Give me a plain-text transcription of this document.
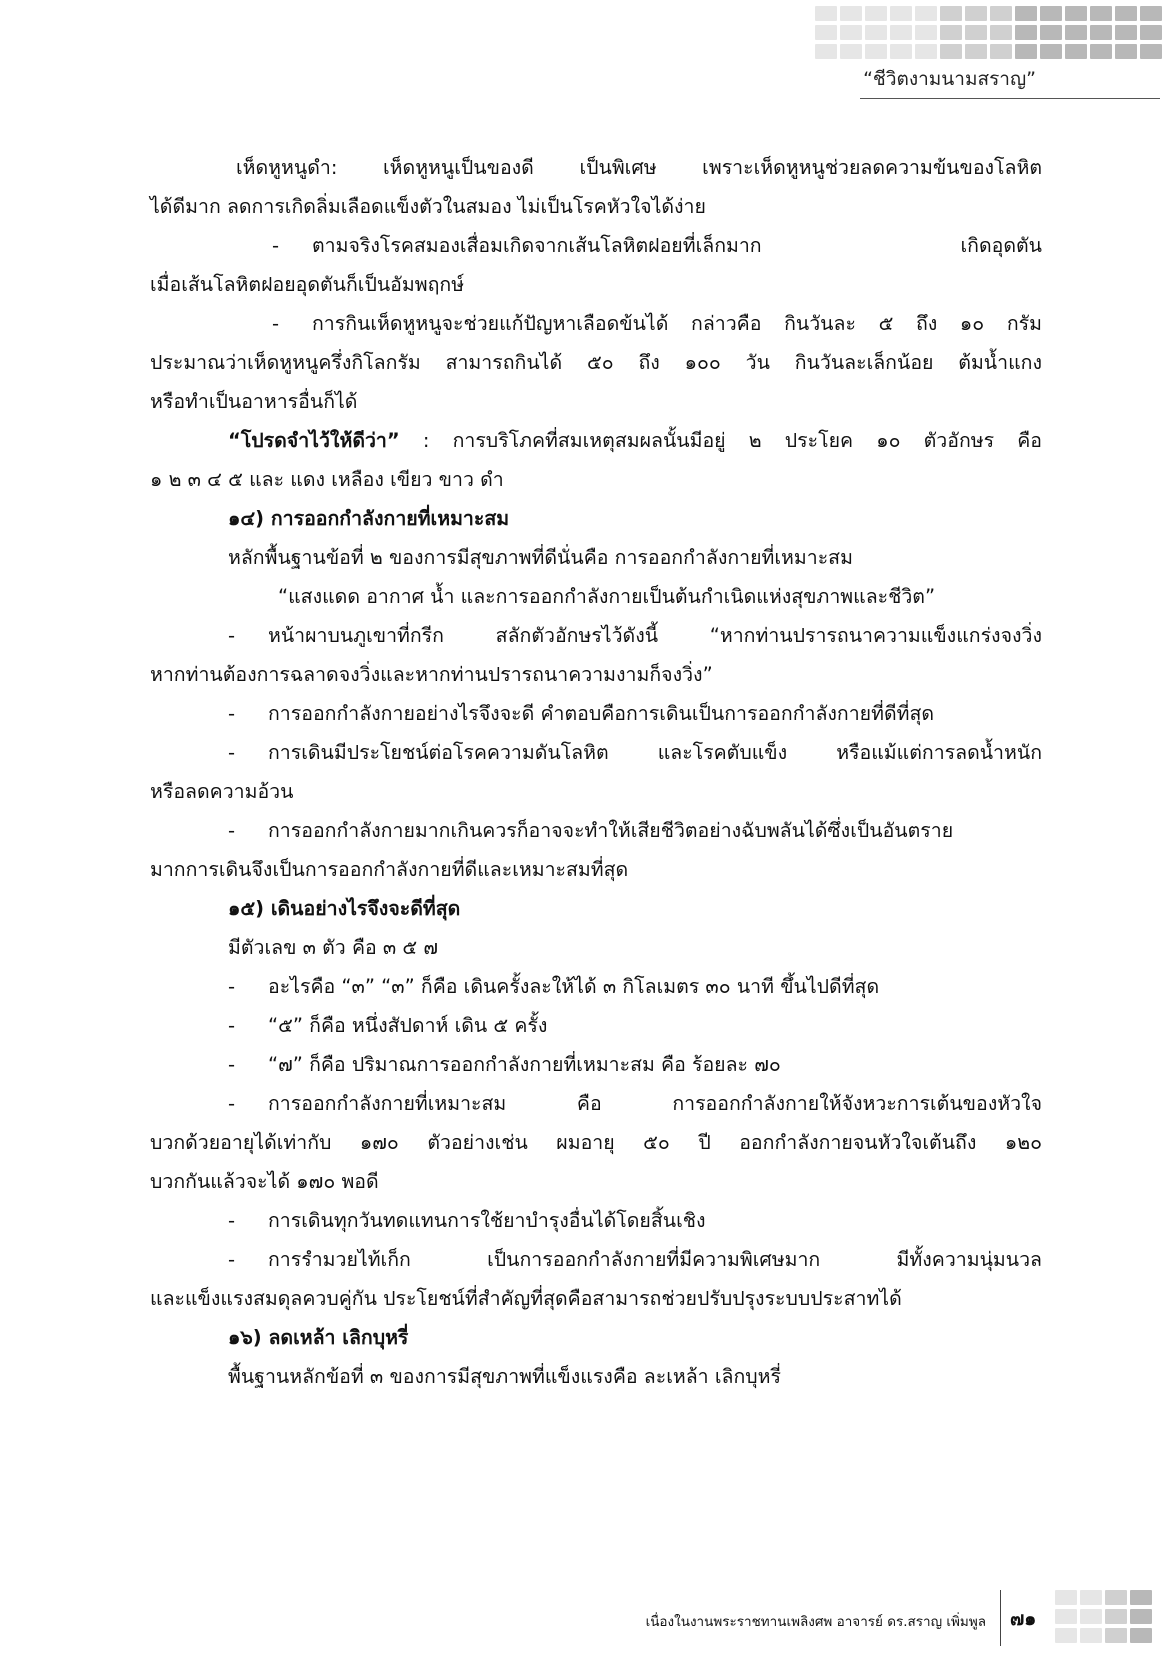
“ชีวิตงามนามสราญ”
เห็ดหูหนูดำ: เห็ดหูหนูเป็นของดี เป็นพิเศษ เพราะเห็ดหูหนูช่วยลดความข้นของโลหิต
ได้ดีมาก ลดการเกิดลิ่มเลือดแข็งตัวในสมอง ไม่เป็นโรคหัวใจได้ง่าย
- ตามจริงโรคสมองเสื่อมเกิดจากเส้นโลหิตฝอยที่เล็กมาก เกิดอุดตัน
เมื่อเส้นโลหิตฝอยอุดตันก็เป็นอัมพฤกษ์
- การกินเห็ดหูหนูจะช่วยแก้ปัญหาเลือดข้นได้ กล่าวคือ กินวันละ ๕ ถึง ๑๐ กรัม
ประมาณว่าเห็ดหูหนูครึ่งกิโลกรัม สามารถกินได้ ๕๐ ถึง ๑๐๐ วัน กินวันละเล็กน้อย ต้มน้ำแกง
หรือทำเป็นอาหารอื่นก็ได้
“โปรดจำไว้ให้ดีว่า” : การบริโภคที่สมเหตุสมผลนั้นมีอยู่ ๒ ประโยค ๑๐ ตัวอักษร คือ
๑ ๒ ๓ ๔ ๕ และ แดง เหลือง เขียว ขาว ดำ
๑๔) การออกกำลังกายที่เหมาะสม
หลักพื้นฐานข้อที่ ๒ ของการมีสุขภาพที่ดีนั่นคือ การออกกำลังกายที่เหมาะสม
“แสงแดด อากาศ น้ำ และการออกกำลังกายเป็นต้นกำเนิดแห่งสุขภาพและชีวิต”
- หน้าผาบนภูเขาที่กรีก สลักตัวอักษรไว้ดังนี้ “หากท่านปรารถนาความแข็งแกร่งจงวิ่ง
หากท่านต้องการฉลาดจงวิ่งและหากท่านปรารถนาความงามก็จงวิ่ง”
- การออกกำลังกายอย่างไรจึงจะดี คำตอบคือการเดินเป็นการออกกำลังกายที่ดีที่สุด
- การเดินมีประโยชน์ต่อโรคความดันโลหิต และโรคตับแข็ง หรือแม้แต่การลดน้ำหนัก
หรือลดความอ้วน
- การออกกำลังกายมากเกินควรก็อาจจะทำให้เสียชีวิตอย่างฉับพลันได้ซึ่งเป็นอันตราย
มากการเดินจึงเป็นการออกกำลังกายที่ดีและเหมาะสมที่สุด
๑๕) เดินอย่างไรจึงจะดีที่สุด
มีตัวเลข ๓ ตัว คือ ๓ ๕ ๗
- อะไรคือ “๓” “๓” ก็คือ เดินครั้งละให้ได้ ๓ กิโลเมตร ๓๐ นาที ขึ้นไปดีที่สุด
- “๕” ก็คือ หนึ่งสัปดาห์ เดิน ๕ ครั้ง
- “๗” ก็คือ ปริมาณการออกกำลังกายที่เหมาะสม คือ ร้อยละ ๗๐
- การออกกำลังกายที่เหมาะสม คือ การออกกำลังกายให้จังหวะการเต้นของหัวใจ
บวกด้วยอายุได้เท่ากับ ๑๗๐ ตัวอย่างเช่น ผมอายุ ๕๐ ปี ออกกำลังกายจนหัวใจเต้นถึง ๑๒๐
บวกกันแล้วจะได้ ๑๗๐ พอดี
- การเดินทุกวันทดแทนการใช้ยาบำรุงอื่นได้โดยสิ้นเชิง
- การรำมวยไท้เก็ก เป็นการออกกำลังกายที่มีความพิเศษมาก มีทั้งความนุ่มนวล
และแข็งแรงสมดุลควบคู่กัน ประโยชน์ที่สำคัญที่สุดคือสามารถช่วยปรับปรุงระบบประสาทได้
๑๖) ลดเหล้า เลิกบุหรี่
พื้นฐานหลักข้อที่ ๓ ของการมีสุขภาพที่แข็งแรงคือ ละเหล้า เลิกบุหรี่
เนื่องในงานพระราชทานเพลิงศพ อาจารย์ ดร.สราญ เพิ่มพูล ๗๑
